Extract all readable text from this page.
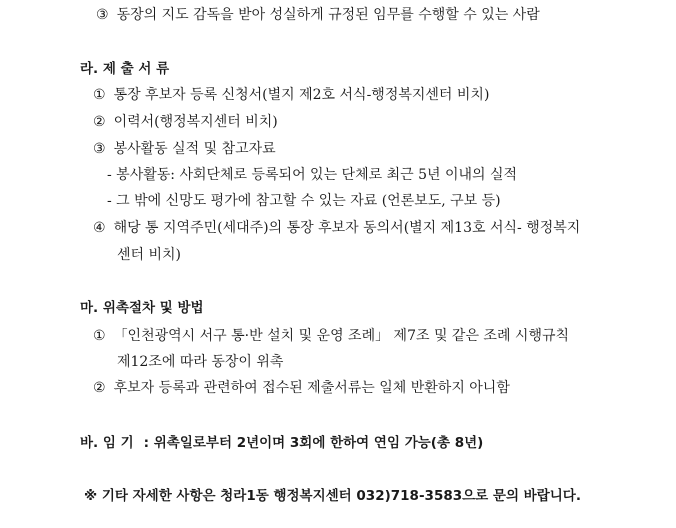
③ 동장의 지도 감독을 받아 성실하게 규정된 임무를 수행할 수 있는 사람
라. 제 출 서 류
① 통장 후보자 등록 신청서(별지 제2호 서식-행정복지센터 비치)
② 이력서(행정복지센터 비치)
③ 봉사활동 실적 및 참고자료
- 봉사활동: 사회단체로 등록되어 있는 단체로 최근 5년 이내의 실적
- 그 밖에 신망도 평가에 참고할 수 있는 자료 (언론보도, 구보 등)
④ 해당 통 지역주민(세대주)의 통장 후보자 동의서(별지 제13호 서식- 행정복지
센터 비치)
마. 위촉절차 및 방법
① 「인천광역시 서구 통·반 설치 및 운영 조례」 제7조 및 같은 조례 시행규칙
제12조에 따라 동장이 위촉
② 후보자 등록과 관련하여 접수된 제출서류는 일체 반환하지 아니함
바. 임 기 : 위촉일로부터 2년이며 3회에 한하여 연임 가능(총 8년)
※ 기타 자세한 사항은 청라1동 행정복지센터 032)718-3583으로 문의 바랍니다.
